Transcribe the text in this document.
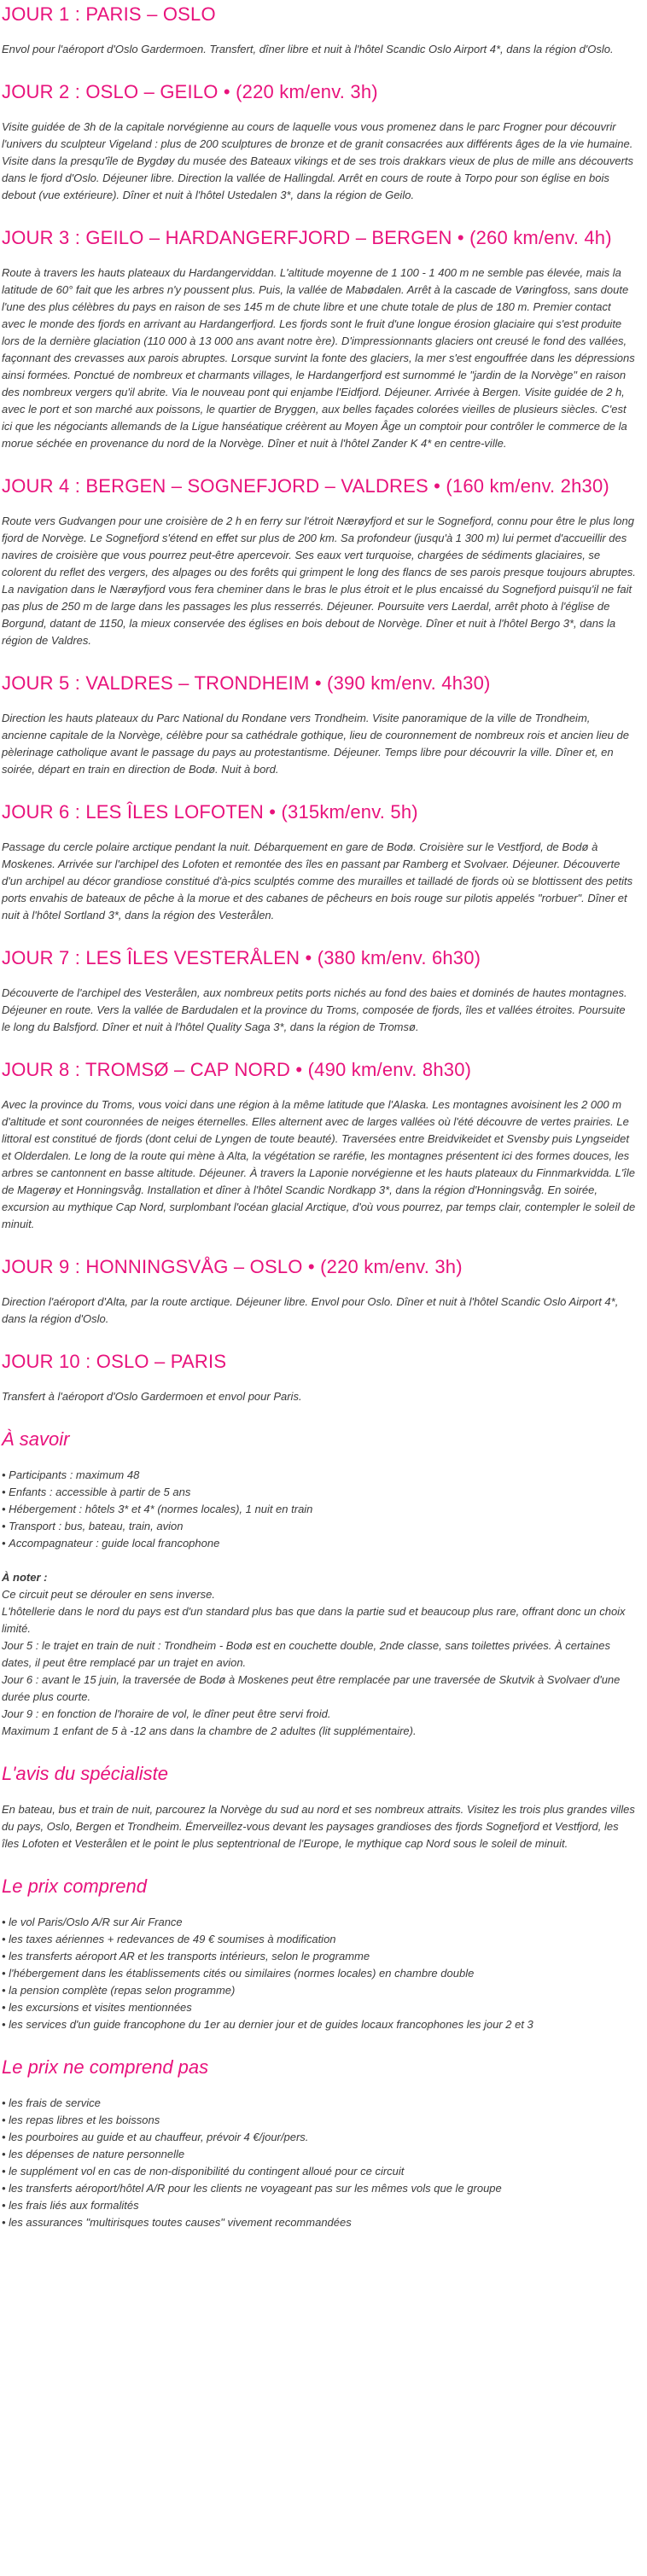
JOUR 1 : PARIS – OSLO

Envol pour l'aéroport d'Oslo Gardermoen. Transfert, dîner libre et nuit à l'hôtel Scandic Oslo Airport 4*, dans la région d'Oslo.

JOUR 2 : OSLO – GEILO • (220 km/env. 3h)

Visite guidée de 3h de la capitale norvégienne au cours de laquelle vous vous promenez dans le parc Frogner pour découvrir l'univers du sculpteur Vigeland : plus de 200 sculptures de bronze et de granit consacrées aux différents âges de la vie humaine. Visite dans la presqu'île de Bygdøy du musée des Bateaux vikings et de ses trois drakkars vieux de plus de mille ans découverts dans le fjord d'Oslo. Déjeuner libre. Direction la vallée de Hallingdal. Arrêt en cours de route à Torpo pour son église en bois debout (vue extérieure). Dîner et nuit à l'hôtel Ustedalen 3*, dans la région de Geilo.

JOUR 3 : GEILO – HARDANGERFJORD – BERGEN • (260 km/env. 4h)

Route à travers les hauts plateaux du Hardangerviddan. L'altitude moyenne de 1 100 - 1 400 m ne semble pas élevée, mais la latitude de 60° fait que les arbres n'y poussent plus. Puis, la vallée de Mabødalen. Arrêt à la cascade de Vøringfoss, sans doute l'une des plus célèbres du pays en raison de ses 145 m de chute libre et une chute totale de plus de 180 m. Premier contact avec le monde des fjords en arrivant au Hardangerfjord. Les fjords sont le fruit d'une longue érosion glaciaire qui s'est produite lors de la dernière glaciation (110 000 à 13 000 ans avant notre ère). D'impressionnants glaciers ont creusé le fond des vallées, façonnant des crevasses aux parois abruptes. Lorsque survint la fonte des glaciers, la mer s'est engouffrée dans les dépressions ainsi formées. Ponctué de nombreux et charmants villages, le Hardangerfjord est surnommé le "jardin de la Norvège" en raison des nombreux vergers qu'il abrite. Via le nouveau pont qui enjambe l'Eidfjord. Déjeuner. Arrivée à Bergen. Visite guidée de 2 h, avec le port et son marché aux poissons, le quartier de Bryggen, aux belles façades colorées vieilles de plusieurs siècles. C'est ici que les négociants allemands de la Ligue hanséatique créèrent au Moyen Âge un comptoir pour contrôler le commerce de la morue séchée en provenance du nord de la Norvège. Dîner et nuit à l'hôtel Zander K 4* en centre-ville.

JOUR 4 : BERGEN – SOGNEFJORD – VALDRES • (160 km/env. 2h30)

Route vers Gudvangen pour une croisière de 2 h en ferry sur l'étroit Nærøyfjord et sur le Sognefjord, connu pour être le plus long fjord de Norvège. Le Sognefjord s'étend en effet sur plus de 200 km. Sa profondeur (jusqu'à 1 300 m) lui permet d'accueillir des navires de croisière que vous pourrez peut-être apercevoir. Ses eaux vert turquoise, chargées de sédiments glaciaires, se colorent du reflet des vergers, des alpages ou des forêts qui grimpent le long des flancs de ses parois presque toujours abruptes. La navigation dans le Nærøyfjord vous fera cheminer dans le bras le plus étroit et le plus encaissé du Sognefjord puisqu'il ne fait pas plus de 250 m de large dans les passages les plus resserrés. Déjeuner. Poursuite vers Laerdal, arrêt photo à l'église de Borgund, datant de 1150, la mieux conservée des églises en bois debout de Norvège. Dîner et nuit à l'hôtel Bergo 3*, dans la région de Valdres.

JOUR 5 : VALDRES – TRONDHEIM • (390 km/env. 4h30)

Direction les hauts plateaux du Parc National du Rondane vers Trondheim. Visite panoramique de la ville de Trondheim, ancienne capitale de la Norvège, célèbre pour sa cathédrale gothique, lieu de couronnement de nombreux rois et ancien lieu de pèlerinage catholique avant le passage du pays au protestantisme. Déjeuner. Temps libre pour découvrir la ville. Dîner et, en soirée, départ en train en direction de Bodø. Nuit à bord.

JOUR 6 : LES ÎLES LOFOTEN • (315km/env. 5h)

Passage du cercle polaire arctique pendant la nuit. Débarquement en gare de Bodø. Croisière sur le Vestfjord, de Bodø à Moskenes. Arrivée sur l'archipel des Lofoten et remontée des îles en passant par Ramberg et Svolvaer. Déjeuner. Découverte d'un archipel au décor grandiose constitué d'à-pics sculptés comme des murailles et tailladé de fjords où se blottissent des petits ports envahis de bateaux de pêche à la morue et des cabanes de pêcheurs en bois rouge sur pilotis appelés "rorbuer". Dîner et nuit à l'hôtel Sortland 3*, dans la région des Vesterålen.

JOUR 7 : LES ÎLES VESTERÅLEN • (380 km/env. 6h30)

Découverte de l'archipel des Vesterålen, aux nombreux petits ports nichés au fond des baies et dominés de hautes montagnes. Déjeuner en route. Vers la vallée de Bardudalen et la province du Troms, composée de fjords, îles et vallées étroites. Poursuite le long du Balsfjord. Dîner et nuit à l'hôtel Quality Saga 3*, dans la région de Tromsø.

JOUR 8 : TROMSØ – CAP NORD • (490 km/env. 8h30)

Avec la province du Troms, vous voici dans une région à la même latitude que l'Alaska. Les montagnes avoisinent les 2 000 m d'altitude et sont couronnées de neiges éternelles. Elles alternent avec de larges vallées où l'été découvre de vertes prairies. Le littoral est constitué de fjords (dont celui de Lyngen de toute beauté). Traversées entre Breidvikeidet et Svensby puis Lyngseidet et Olderdalen. Le long de la route qui mène à Alta, la végétation se raréfie, les montagnes présentent ici des formes douces, les arbres se cantonnent en basse altitude. Déjeuner. À travers la Laponie norvégienne et les hauts plateaux du Finnmarkvidda. L'île de Magerøy et Honningsvåg. Installation et dîner à l'hôtel Scandic Nordkapp 3*, dans la région d'Honningsvåg. En soirée, excursion au mythique Cap Nord, surplombant l'océan glacial Arctique, d'où vous pourrez, par temps clair, contempler le soleil de minuit.

JOUR 9 : HONNINGSVÅG – OSLO • (220 km/env. 3h)

Direction l'aéroport d'Alta, par la route arctique. Déjeuner libre. Envol pour Oslo. Dîner et nuit à l'hôtel Scandic Oslo Airport 4*, dans la région d'Oslo.

JOUR 10 : OSLO – PARIS

Transfert à l'aéroport d'Oslo Gardermoen et envol pour Paris.

À savoir
• Participants : maximum 48
• Enfants : accessible à partir de 5 ans
• Hébergement : hôtels 3* et 4* (normes locales), 1 nuit en train
• Transport : bus, bateau, train, avion
• Accompagnateur : guide local francophone

À noter :

Ce circuit peut se dérouler en sens inverse.

L'hôtellerie dans le nord du pays est d'un standard plus bas que dans la partie sud et beaucoup plus rare, offrant donc un choix limité.

Jour 5 : le trajet en train de nuit : Trondheim - Bodø est en couchette double, 2nde classe, sans toilettes privées. À certaines dates, il peut être remplacé par un trajet en avion.

Jour 6 : avant le 15 juin, la traversée de Bodø à Moskenes peut être remplacée par une traversée de Skutvik à Svolvaer d'une durée plus courte.

Jour 9 : en fonction de l'horaire de vol, le dîner peut être servi froid.

Maximum 1 enfant de 5 à -12 ans dans la chambre de 2 adultes (lit supplémentaire).

L'avis du spécialiste

En bateau, bus et train de nuit, parcourez la Norvège du sud au nord et ses nombreux attraits. Visitez les trois plus grandes villes du pays, Oslo, Bergen et Trondheim. Émerveillez-vous devant les paysages grandioses des fjords Sognefjord et Vestfjord, les îles Lofoten et Vesterålen et le point le plus septentrional de l'Europe, le mythique cap Nord sous le soleil de minuit.

Le prix comprend
• le vol Paris/Oslo A/R sur Air France
• les taxes aériennes + redevances de 49 € soumises à modification
• les transferts aéroport AR et les transports intérieurs, selon le programme
• l'hébergement dans les établissements cités ou similaires (normes locales) en chambre double
• la pension complète (repas selon programme)
• les excursions et visites mentionnées
• les services d'un guide francophone du 1er au dernier jour et de guides locaux francophones les jour 2 et 3
Le prix ne comprend pas
• les frais de service
• les repas libres et les boissons
• les pourboires au guide et au chauffeur, prévoir 4 €/jour/pers.
• les dépenses de nature personnelle
• le supplément vol en cas de non-disponibilité du contingent alloué pour ce circuit
• les transferts aéroport/hôtel A/R pour les clients ne voyageant pas sur les mêmes vols que le groupe
• les frais liés aux formalités
• les assurances "multirisques toutes causes" vivement recommandées
